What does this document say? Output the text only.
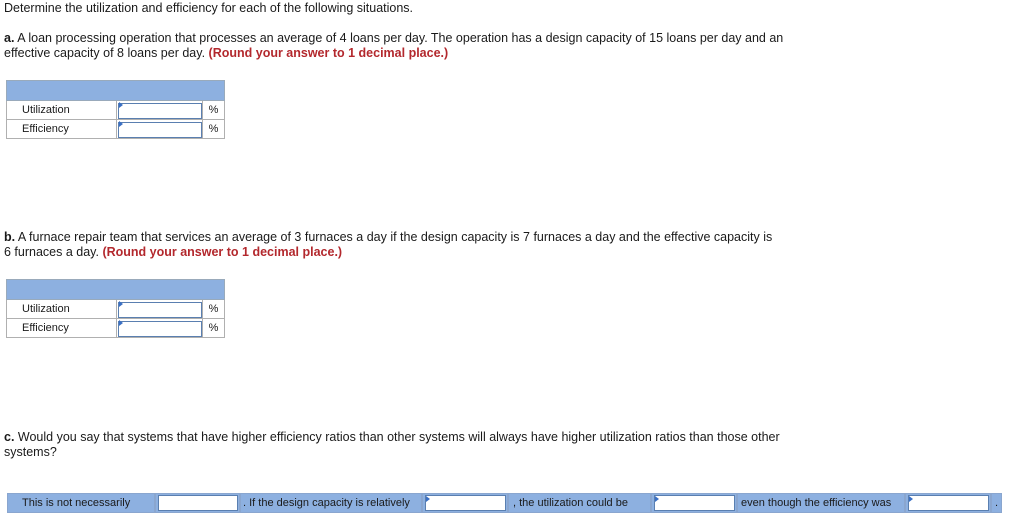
Determine the utilization and efficiency for each of the following situations.
a. A loan processing operation that processes an average of 4 loans per day. The operation has a design capacity of 15 loans per day and an effective capacity of 8 loans per day. (Round your answer to 1 decimal place.)

Utilization		%
Efficiency		%
b. A furnace repair team that services an average of 3 furnaces a day if the design capacity is 7 furnaces a day and the effective capacity is 6 furnaces a day. (Round your answer to 1 decimal place.)

Utilization		%
Efficiency		%
c. Would you say that systems that have higher efficiency ratios than other systems will always have higher utilization ratios than those other systems?
This is not necessarily	. If the design capacity is relatively	, the utilization could be	even though the efficiency was	.
